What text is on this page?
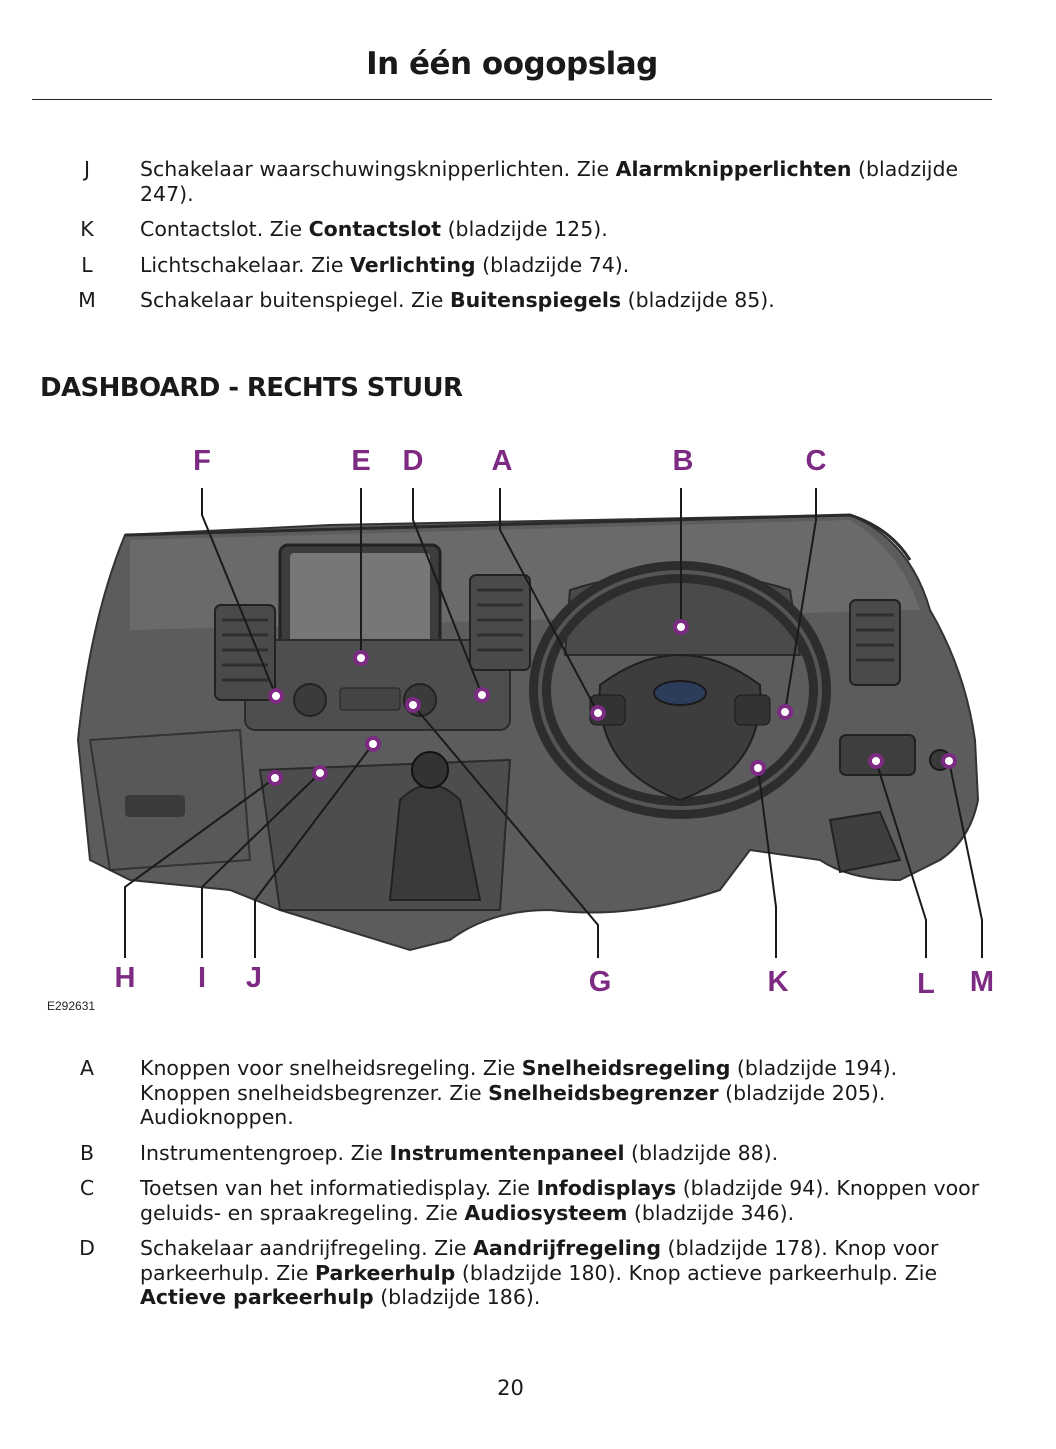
In één oogopslag
J	Schakelaar waarschuwingsknipperlichten. Zie Alarmknipperlichten (bladzijde 247).
K	Contactslot. Zie Contactslot (bladzijde 125).
L	Lichtschakelaar. Zie Verlichting (bladzijde 74).
M	Schakelaar buitenspiegel. Zie Buitenspiegels (bladzijde 85).
DASHBOARD - RECHTS STUUR
F	E D A	B	C
H I J	G	K	L M
E292631
A	Knoppen voor snelheidsregeling. Zie Snelheidsregeling (bladzijde 194). Knoppen snelheidsbegrenzer. Zie Snelheidsbegrenzer (bladzijde 205). Audioknoppen.
B	Instrumentengroep. Zie Instrumentenpaneel (bladzijde 88).
C	Toetsen van het informatiedisplay. Zie Infodisplays (bladzijde 94). Knoppen voor geluids- en spraakregeling. Zie Audiosysteem (bladzijde 346).
D	Schakelaar aandrijfregeling. Zie Aandrijfregeling (bladzijde 178). Knop voor parkeerhulp. Zie Parkeerhulp (bladzijde 180). Knop actieve parkeerhulp. Zie Actieve parkeerhulp (bladzijde 186).
20
